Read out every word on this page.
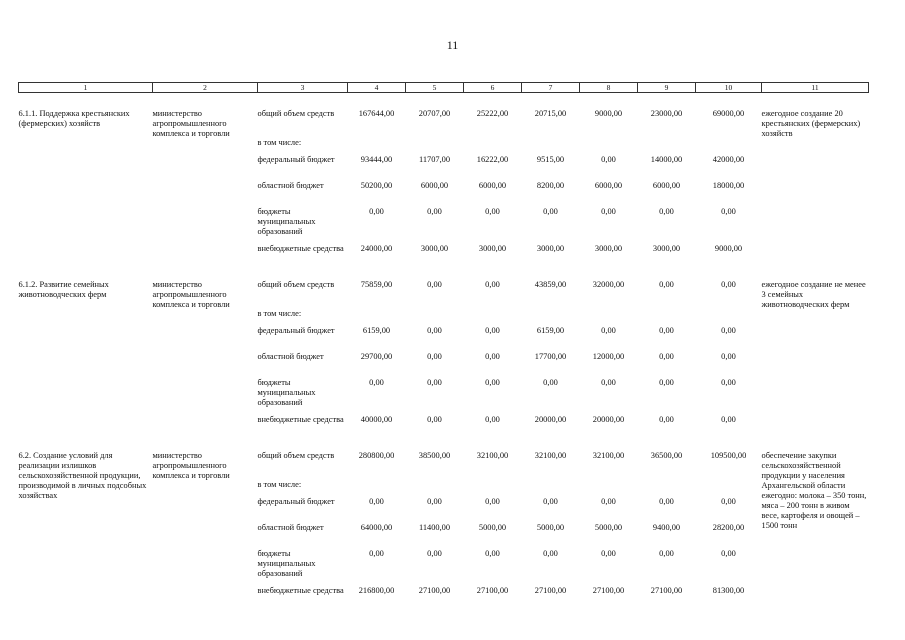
11
1	2	3	4	5	6	7	8	9	10	11
6.1.1. Поддержка крестьянских (фермерских) хозяйств	министерство агропромышленного комплекса и торговли	общий объем средств	167644,00	20707,00	25222,00	20715,00	9000,00	23000,00	69000,00	ежегодное создание 20 крестьянских (фермерских) хозяйств
		в том числе:								
		федеральный бюджет	93444,00	11707,00	16222,00	9515,00	0,00	14000,00	42000,00	
		областной бюджет	50200,00	6000,00	6000,00	8200,00	6000,00	6000,00	18000,00	
		бюджеты муниципальных образований	0,00	0,00	0,00	0,00	0,00	0,00	0,00	
		внебюджетные средства	24000,00	3000,00	3000,00	3000,00	3000,00	3000,00	9000,00	
6.1.2. Развитие семейных животноводческих ферм	министерство агропромышленного комплекса и торговли	общий объем средств	75859,00	0,00	0,00	43859,00	32000,00	0,00	0,00	ежегодное создание не менее 3 семейных животноводческих ферм
		в том числе:								
		федеральный бюджет	6159,00	0,00	0,00	6159,00	0,00	0,00	0,00	
		областной бюджет	29700,00	0,00	0,00	17700,00	12000,00	0,00	0,00	
		бюджеты муниципальных образований	0,00	0,00	0,00	0,00	0,00	0,00	0,00	
		внебюджетные средства	40000,00	0,00	0,00	20000,00	20000,00	0,00	0,00	
6.2. Создание условий для реализации излишков сельскохозяйственной продукции, производимой в личных подсобных хозяйствах	министерство агропромышленного комплекса и торговли	общий объем средств	280800,00	38500,00	32100,00	32100,00	32100,00	36500,00	109500,00	обеспечение закупки сельскохозяйственной продукции у населения Архангельской области ежегодно: молока – 350 тонн, мяса – 200 тонн в живом весе, картофеля и овощей – 1500 тонн
		в том числе:								
		федеральный бюджет	0,00	0,00	0,00	0,00	0,00	0,00	0,00	
		областной бюджет	64000,00	11400,00	5000,00	5000,00	5000,00	9400,00	28200,00	
		бюджеты муниципальных образований	0,00	0,00	0,00	0,00	0,00	0,00	0,00	
		внебюджетные средства	216800,00	27100,00	27100,00	27100,00	27100,00	27100,00	81300,00	
